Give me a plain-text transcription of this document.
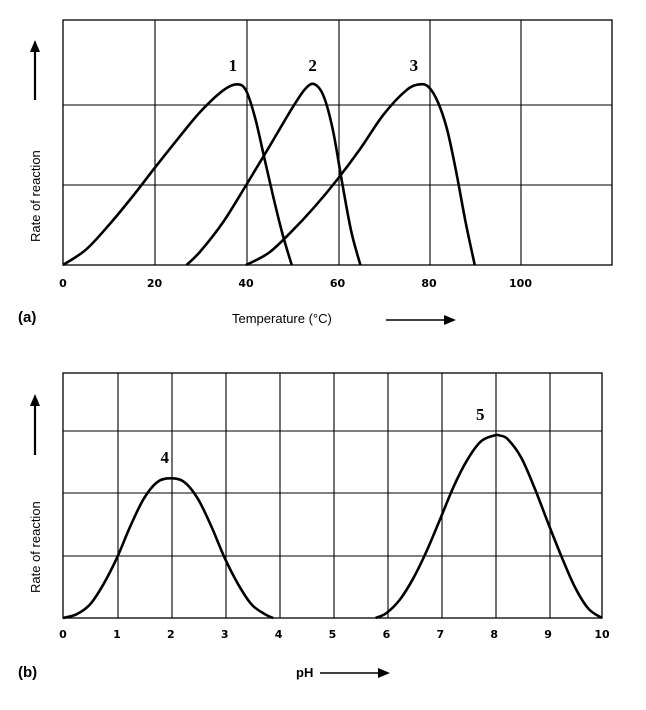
Rate of reaction
(a)	Temperature (°C)
Rate of reaction
(b)	pH
1	2	3
0	20	40	60	80	100
4
5
0	1	2	3	4	5	6	7	8	9	10
